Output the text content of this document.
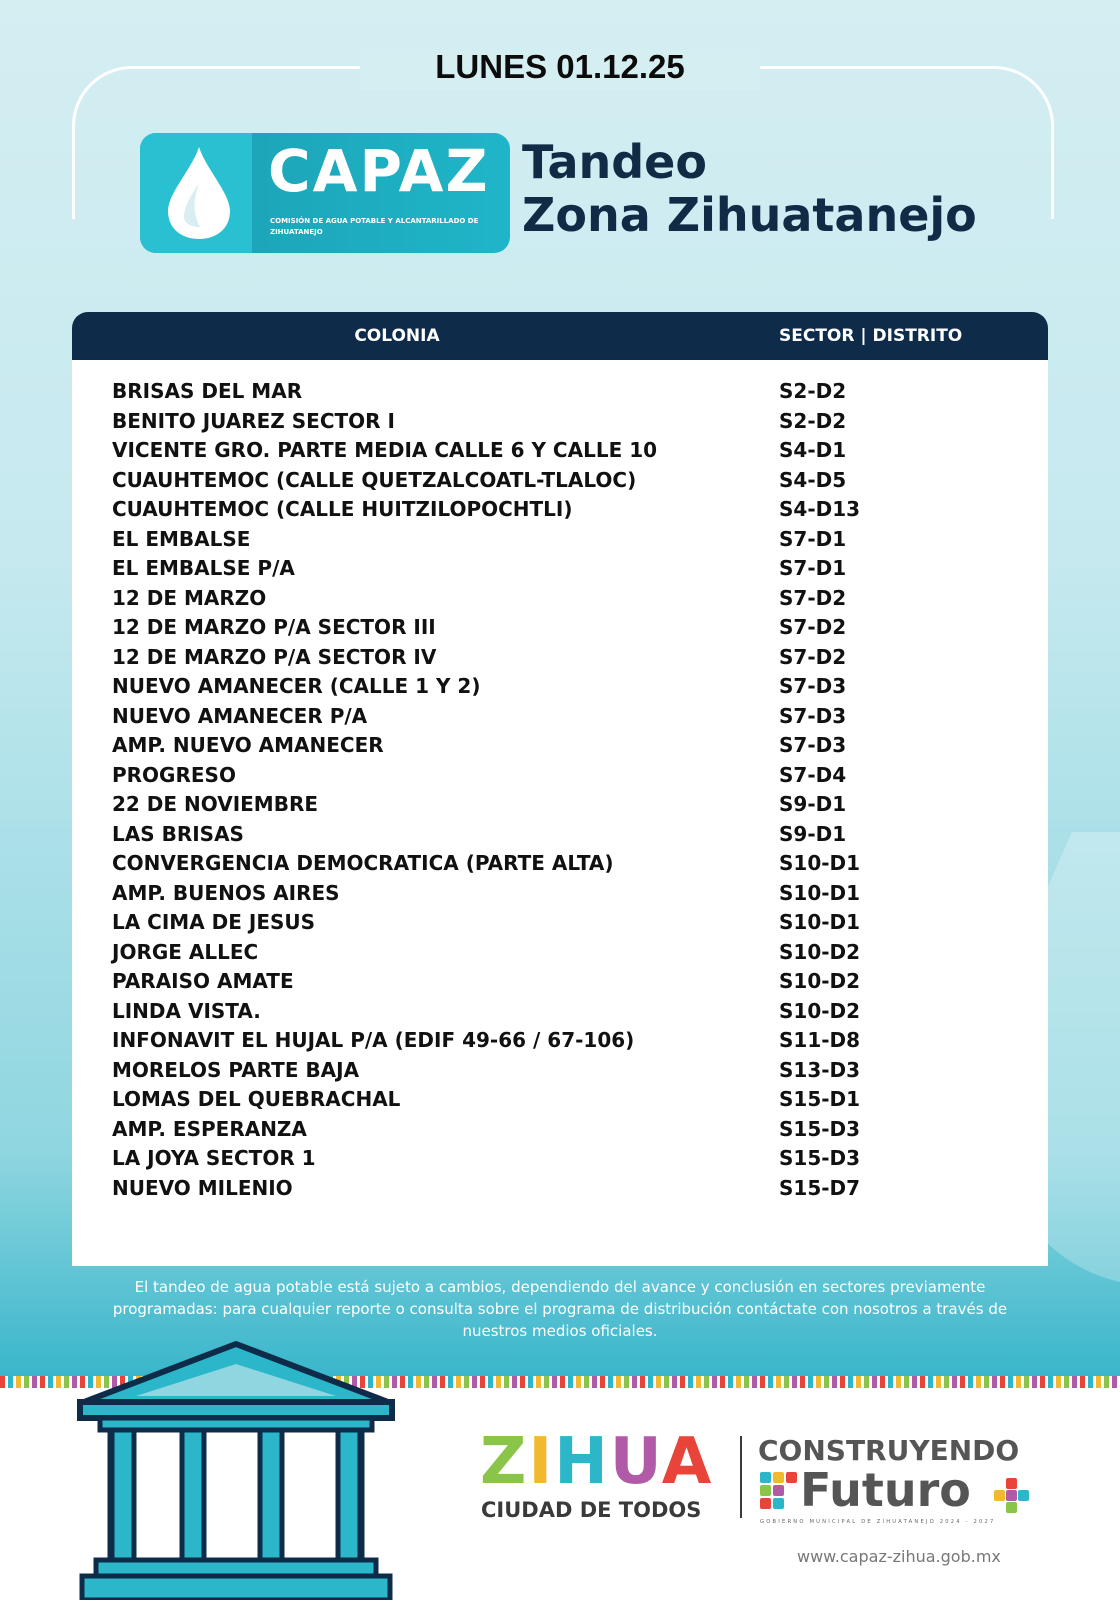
LUNES 01.12.25
CAPAZ
COMISIÓN DE AGUA POTABLE Y ALCANTARILLADO DE ZIHUATANEJO
Tandeo
Zona Zihuatanejo
COLONIA	SECTOR | DISTRITO
BRISAS DEL MAR	S2-D2
BENITO JUAREZ SECTOR I	S2-D2
VICENTE GRO. PARTE MEDIA CALLE 6 Y CALLE 10	S4-D1
CUAUHTEMOC (CALLE QUETZALCOATL-TLALOC)	S4-D5
CUAUHTEMOC (CALLE HUITZILOPOCHTLI)	S4-D13
EL EMBALSE	S7-D1
EL EMBALSE P/A	S7-D1
12 DE MARZO	S7-D2
12 DE MARZO P/A SECTOR III	S7-D2
12 DE MARZO P/A SECTOR IV	S7-D2
NUEVO AMANECER (CALLE 1 Y 2)	S7-D3
NUEVO AMANECER P/A	S7-D3
AMP. NUEVO AMANECER	S7-D3
PROGRESO	S7-D4
22 DE NOVIEMBRE	S9-D1
LAS BRISAS	S9-D1
CONVERGENCIA DEMOCRATICA (PARTE ALTA)	S10-D1
AMP. BUENOS AIRES	S10-D1
LA CIMA DE JESUS	S10-D1
JORGE ALLEC	S10-D2
PARAISO AMATE	S10-D2
LINDA VISTA.	S10-D2
INFONAVIT EL HUJAL P/A (EDIF 49-66 / 67-106)	S11-D8
MORELOS PARTE BAJA	S13-D3
LOMAS DEL QUEBRACHAL	S15-D1
AMP. ESPERANZA	S15-D3
LA JOYA SECTOR 1	S15-D3
NUEVO MILENIO	S15-D7
El tandeo de agua potable está sujeto a cambios, dependiendo del avance y conclusión en sectores previamente programadas: para cualquier reporte o consulta sobre el programa de distribución contáctate con nosotros a través de nuestros medios oficiales.
ZIHUA
CIUDAD DE TODOS
CONSTRUYENDO
Futuro
GOBIERNO MUNICIPAL DE ZIHUATANEJO 2024 - 2027
www.capaz-zihua.gob.mx
